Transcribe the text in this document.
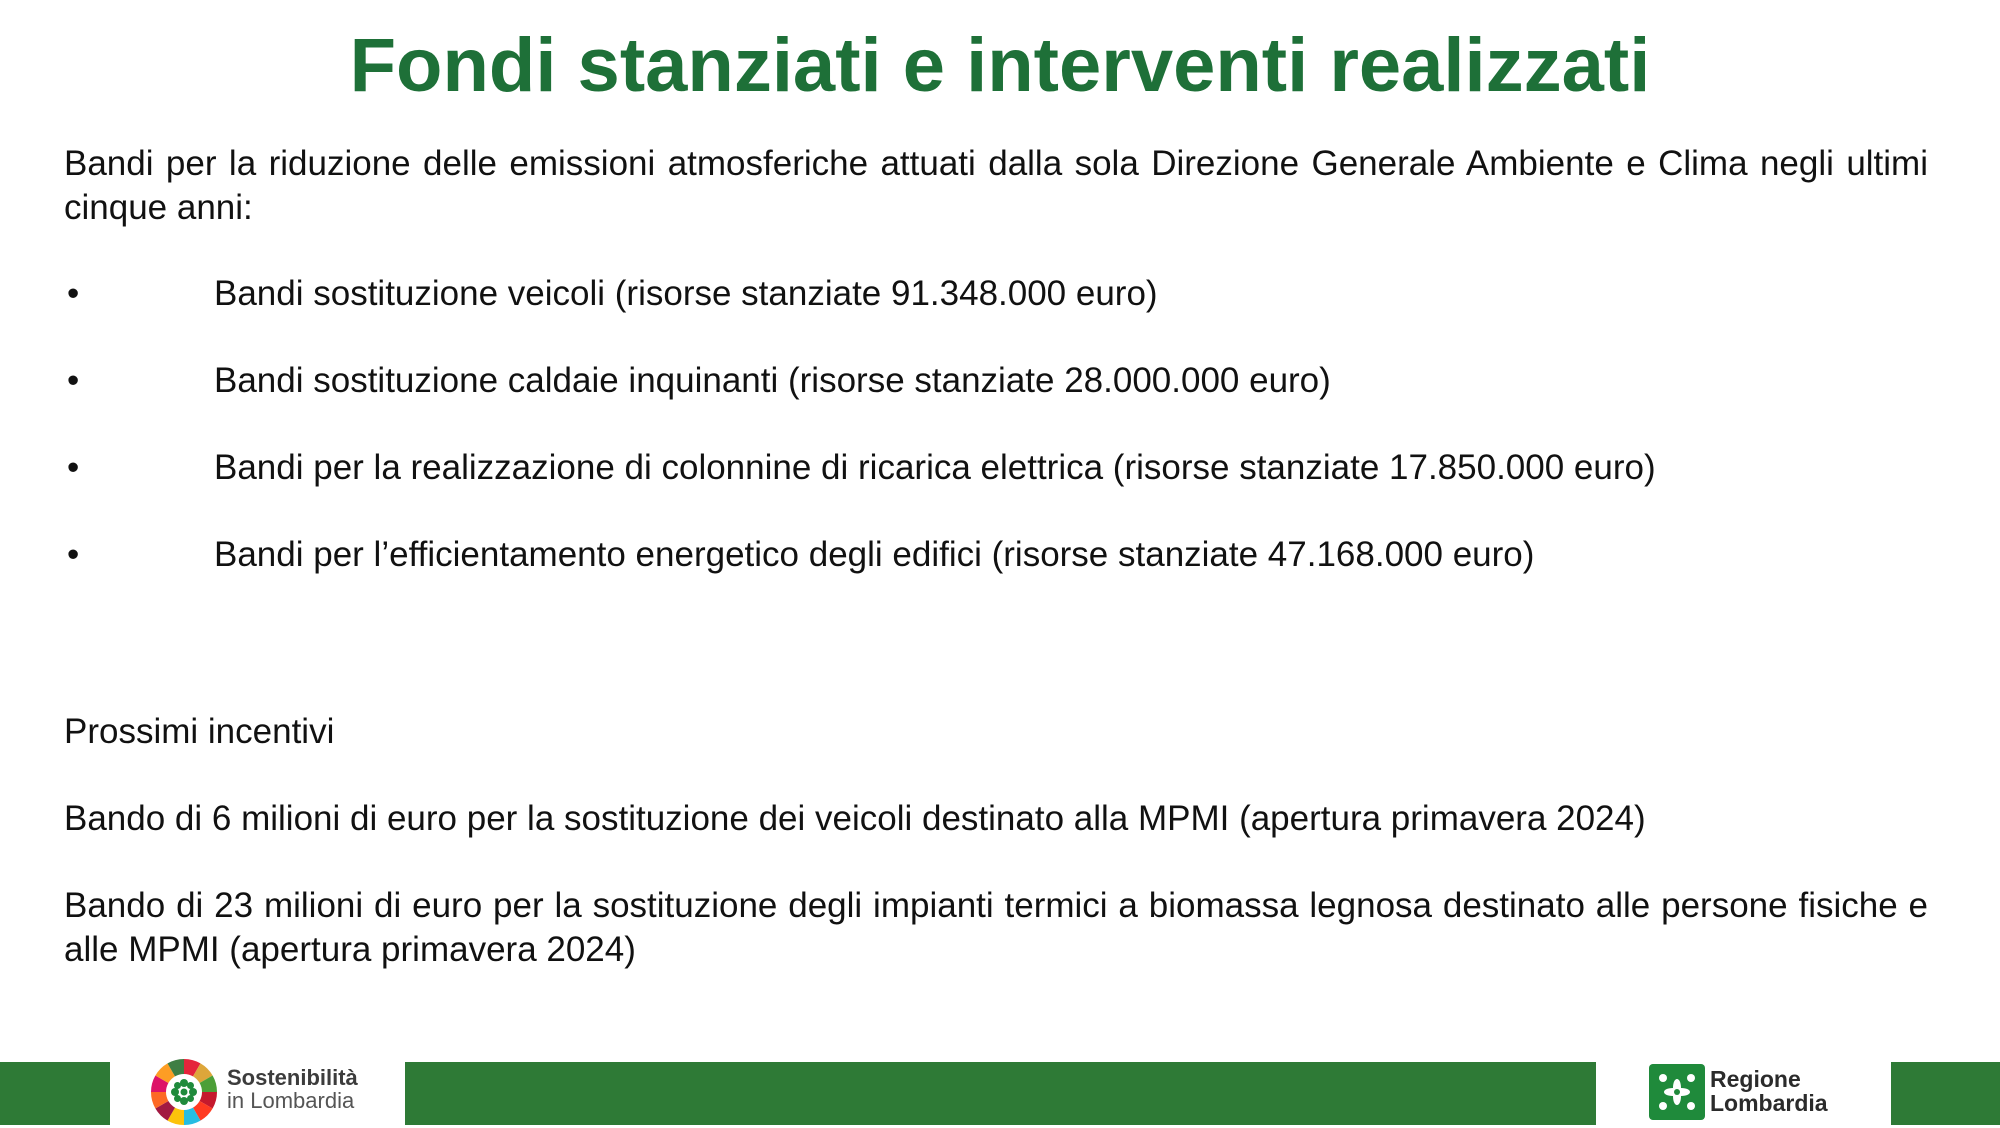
Fondi stanziati e interventi realizzati
Bandi per la riduzione delle emissioni atmosferiche attuati dalla sola Direzione Generale Ambiente e Clima negli ultimi cinque anni:
•	Bandi sostituzione veicoli (risorse stanziate 91.348.000 euro)
•	Bandi sostituzione caldaie inquinanti (risorse stanziate 28.000.000 euro)
•	Bandi per la realizzazione di colonnine di ricarica elettrica (risorse stanziate 17.850.000 euro)
•	Bandi per l’efficientamento energetico degli edifici (risorse stanziate 47.168.000 euro)
Prossimi incentivi
Bando di 6 milioni di euro per la sostituzione dei veicoli destinato alla MPMI (apertura primavera 2024)
Bando di 23 milioni di euro per la sostituzione degli impianti termici a biomassa legnosa destinato alle persone fisiche e alle MPMI (apertura primavera 2024)
Sostenibilità
in Lombardia
Regione
Lombardia
